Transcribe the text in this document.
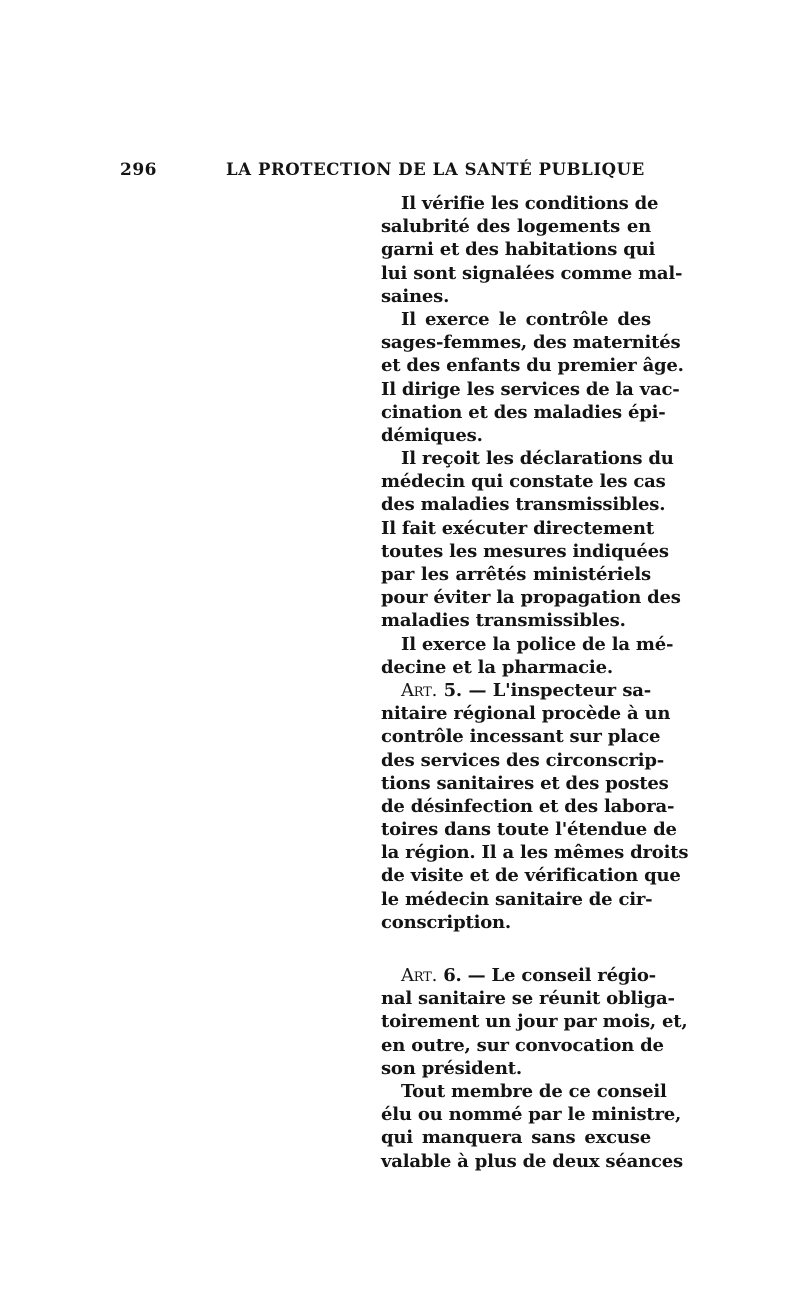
296	LA PROTECTION DE LA SANTÉ PUBLIQUE
Il vérifie les conditions de
salubrité des logements en
garni et des habitations qui
lui sont signalées comme mal-
saines.
Il exerce le contrôle des
sages-femmes, des maternités
et des enfants du premier âge.
Il dirige les services de la vac-
cination et des maladies épi-
démiques.
Il reçoit les déclarations du
médecin qui constate les cas
des maladies transmissibles.
Il fait exécuter directement
toutes les mesures indiquées
par les arrêtés ministériels
pour éviter la propagation des
maladies transmissibles.
Il exerce la police de la mé-
decine et la pharmacie.
Art. 5. — L'inspecteur sa-
nitaire régional procède à un
contrôle incessant sur place
des services des circonscrip-
tions sanitaires et des postes
de désinfection et des labora-
toires dans toute l'étendue de
la région. Il a les mêmes droits
de visite et de vérification que
le médecin sanitaire de cir-
conscription.
Art. 6. — Le conseil régio-
nal sanitaire se réunit obliga-
toirement un jour par mois, et,
en outre, sur convocation de
son président.
Tout membre de ce conseil
élu ou nommé par le ministre,
qui manquera sans excuse
valable à plus de deux séances
